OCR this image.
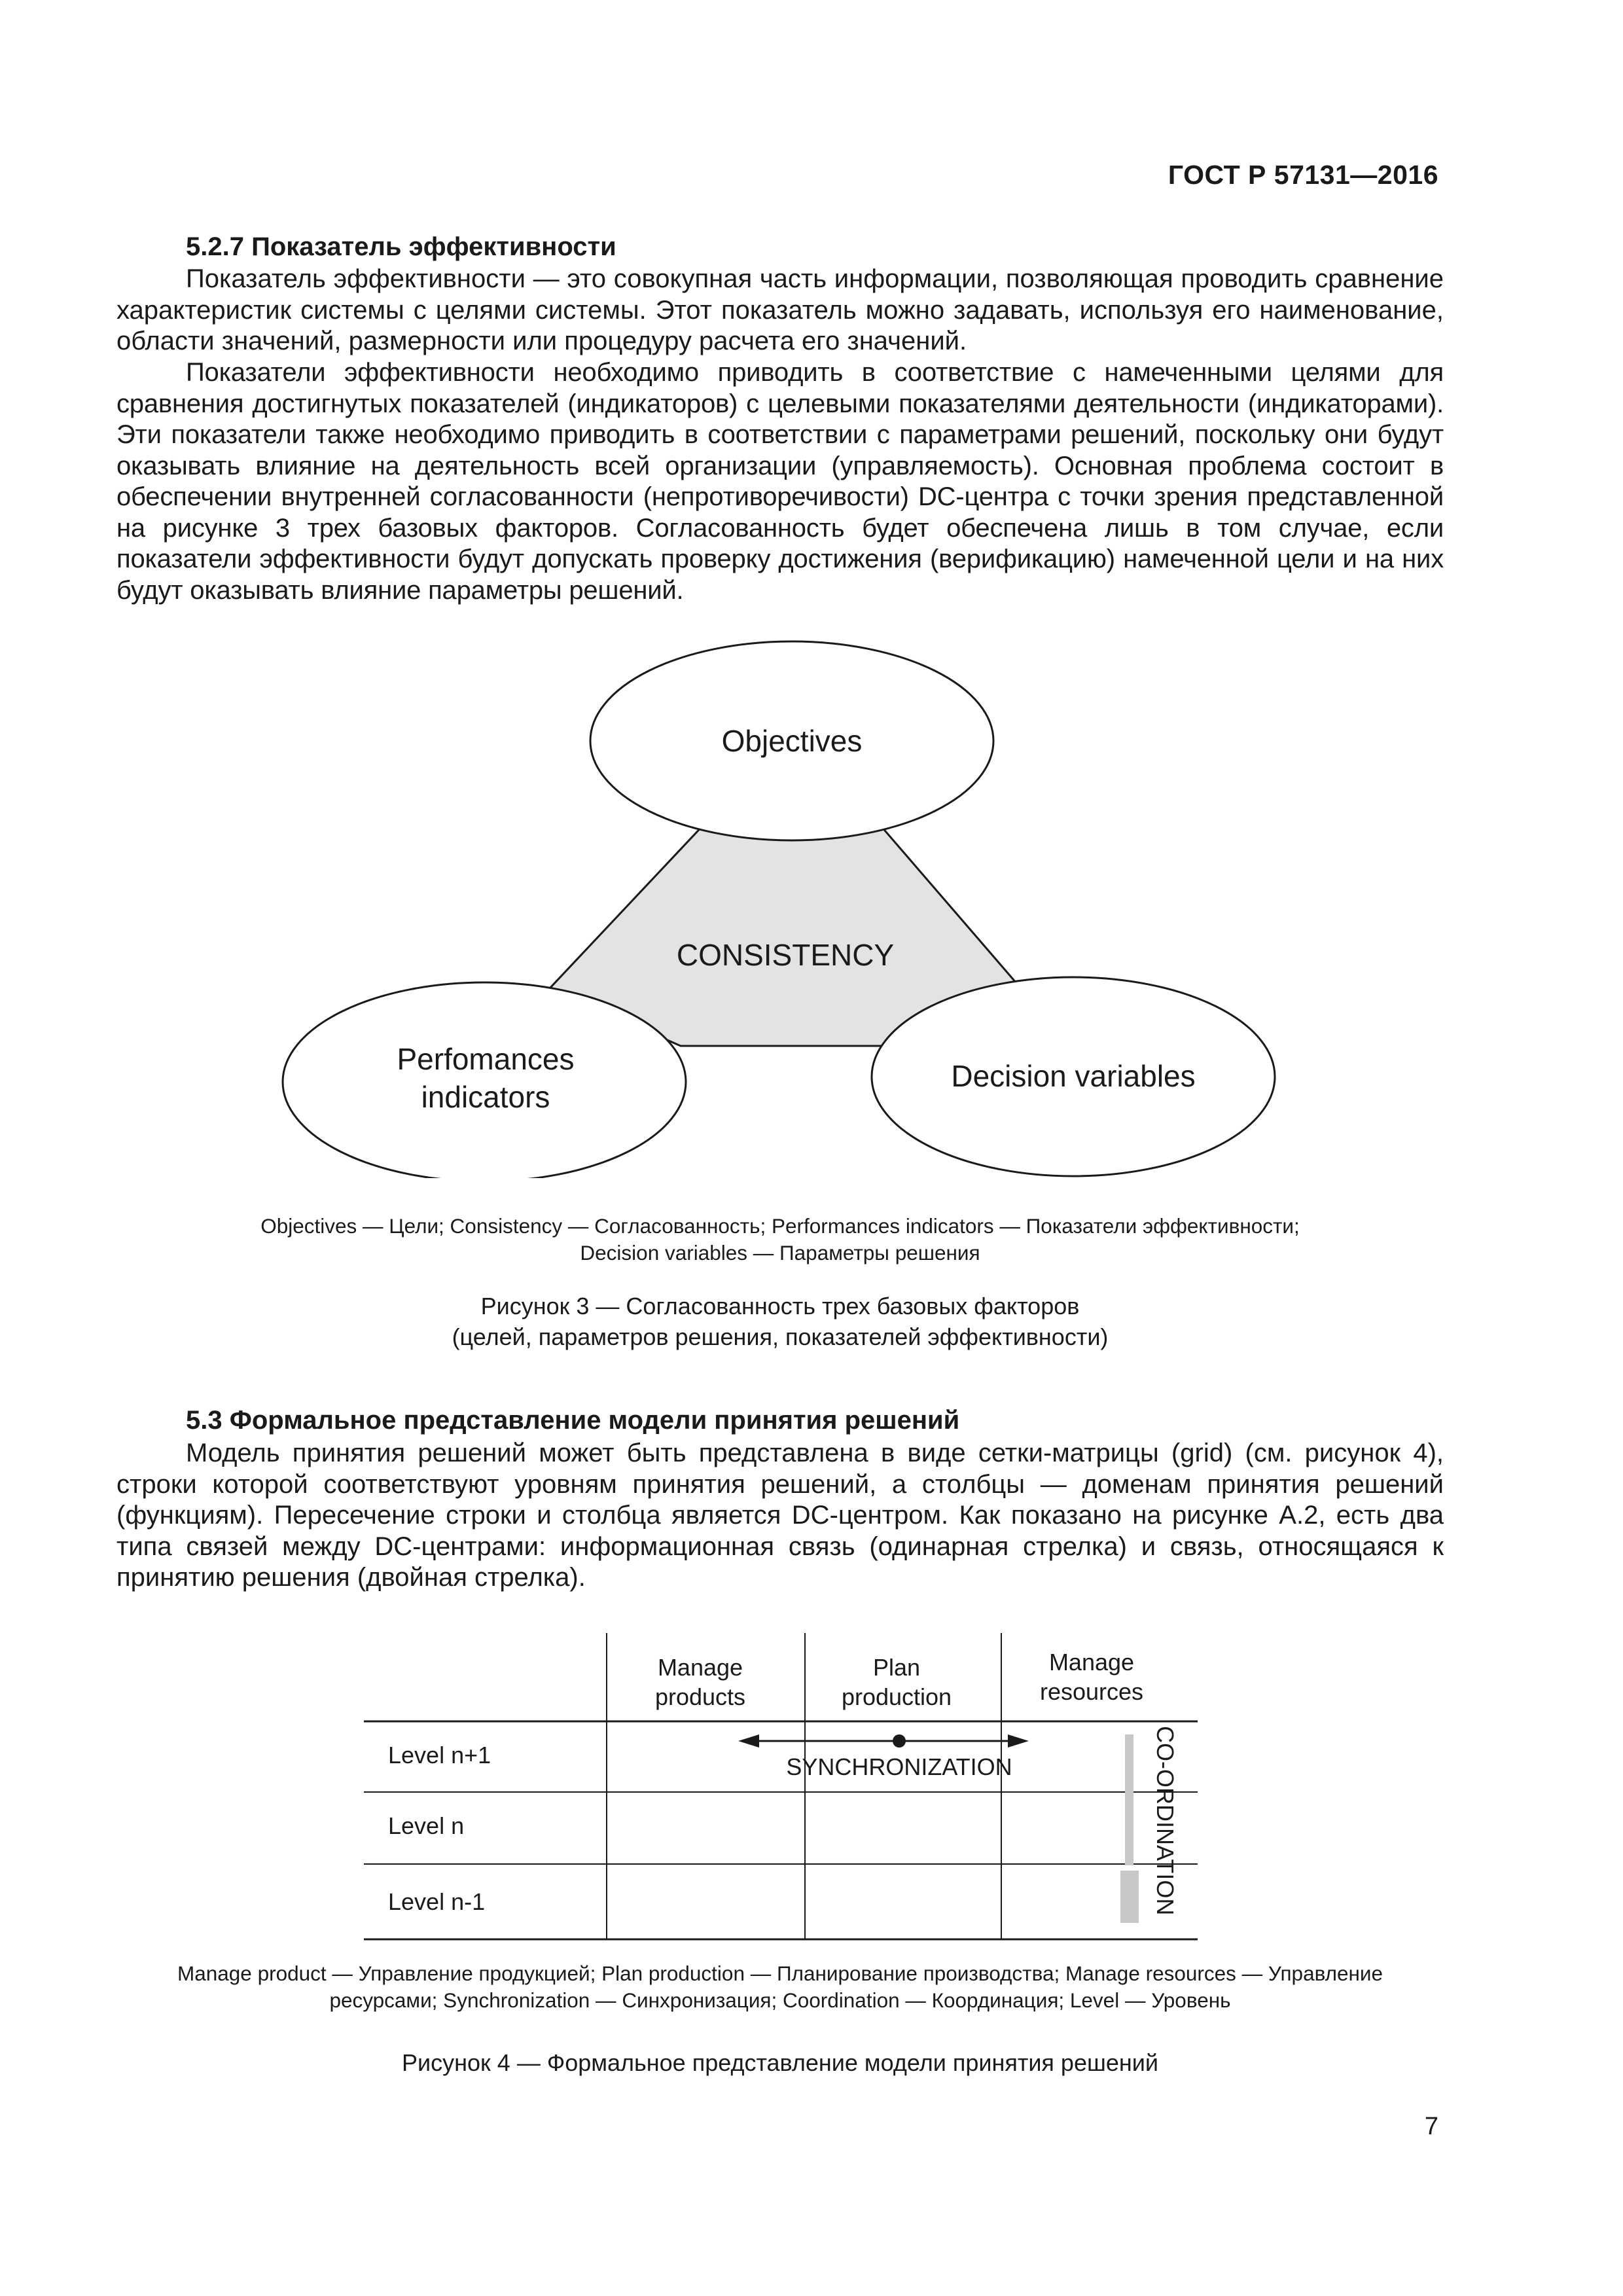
ГОСТ Р 57131—2016
5.2.7 Показатель эффективности

Показатель эффективности — это совокупная часть информации, позволяющая проводить сравнение характеристик системы с целями системы. Этот показатель можно задавать, используя его наименование, области значений, размерности или процедуру расчета его значений.

Показатели эффективности необходимо приводить в соответствие с намеченными целями для сравнения достигнутых показателей (индикаторов) с целевыми показателями деятельности (индикаторами). Эти показатели также необходимо приводить в соответствии с параметрами решений, поскольку они будут оказывать влияние на деятельность всей организации (управляемость). Основная проблема состоит в обеспечении внутренней согласованности (непротиворечивости) DC-центра с точки зрения представленной на рисунке 3 трех базовых факторов. Согласованность будет обеспечена лишь в том случае, если показатели эффективности будут допускать проверку достижения (верификацию) намеченной цели и на них будут оказывать влияние параметры решений.

Objectives
CONSISTENCY
Perfomances
indicators
Decision variables
Objectives — Цели; Consistency — Согласованность; Performances indicators — Показатели эффективности;
Decision variables — Параметры решения
Рисунок 3 — Согласованность трех базовых факторов
(целей, параметров решения, показателей эффективности)
5.3 Формальное представление модели принятия решений

Модель принятия решений может быть представлена в виде сетки-матрицы (grid) (см. рисунок 4), строки которой соответствуют уровням принятия решений, а столбцы — доменам принятия решений (функциям). Пересечение строки и столбца является DC-центром. Как показано на рисунке А.2, есть два типа связей между DC-центрами: информационная связь (одинарная стрелка) и связь, относящаяся к принятию решения (двойная стрелка).

Manage
products
Plan
production
Manage
resources
Level n+1
Level n
Level n-1
SYNCHRONIZATION	CO-ORDINATION
Manage product — Управление продукцией; Plan production — Планирование производства; Manage resources — Управление
ресурсами; Synchronization — Синхронизация; Coordination — Координация; Level — Уровень
Рисунок 4 — Формальное представление модели принятия решений
7
